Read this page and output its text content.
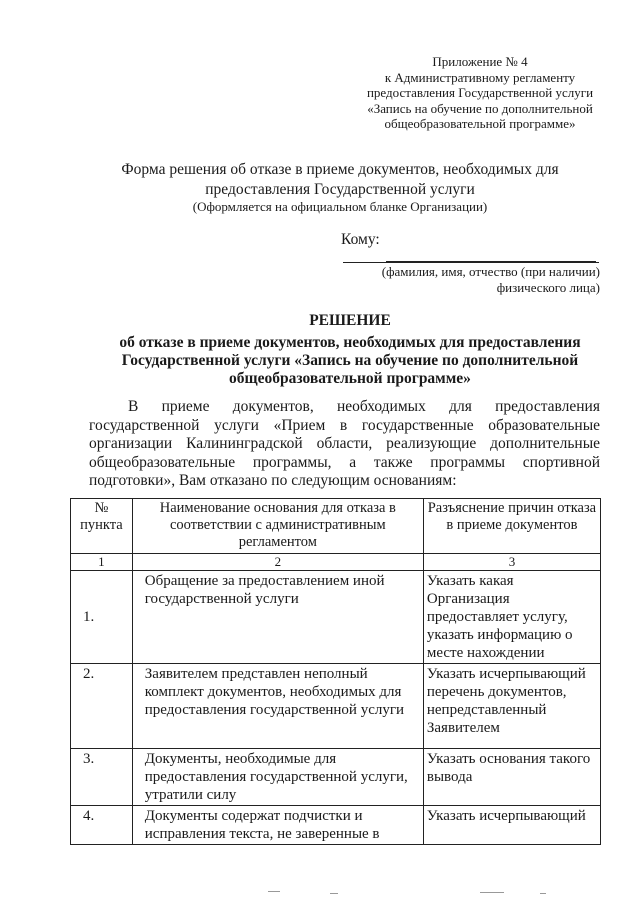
Приложение № 4
к Административному регламенту
предоставления Государственной услуги
«Запись на обучение по дополнительной
общеобразовательной программе»
Форма решения об отказе в приеме документов, необходимых для
предоставления Государственной услуги
(Оформляется на официальном бланке Организации)
Кому:
(фамилия, имя, отчество (при наличии)
физического лица)
РЕШЕНИЕ
об отказе в приеме документов, необходимых для предоставления
Государственной услуги «Запись на обучение по дополнительной
общеобразовательной программе»
В приеме документов, необходимых для предоставления
государственной услуги «Прием в государственные образовательные
организации Калининградской области, реализующие дополнительные
общеобразовательные программы, а также программы спортивной
подготовки», Вам отказано по следующим основаниям:
№ пункта	Наименование основания для отказа в соответствии с административным регламентом	Разъяснение причин отказа в приеме документов
1	2	3
1.	Обращение за предоставлением иной государственной услуги	Указать какая Организация предоставляет услугу, указать информацию о месте нахождении
2.	Заявителем представлен неполный комплект документов, необходимых для предоставления государственной услуги	Указать исчерпывающий перечень документов, непредставленный Заявителем
3.	Документы, необходимые для предоставления государственной услуги, утратили силу	Указать основания такого вывода
4.	Документы содержат подчистки и исправления текста, не заверенные в	Указать исчерпывающий
